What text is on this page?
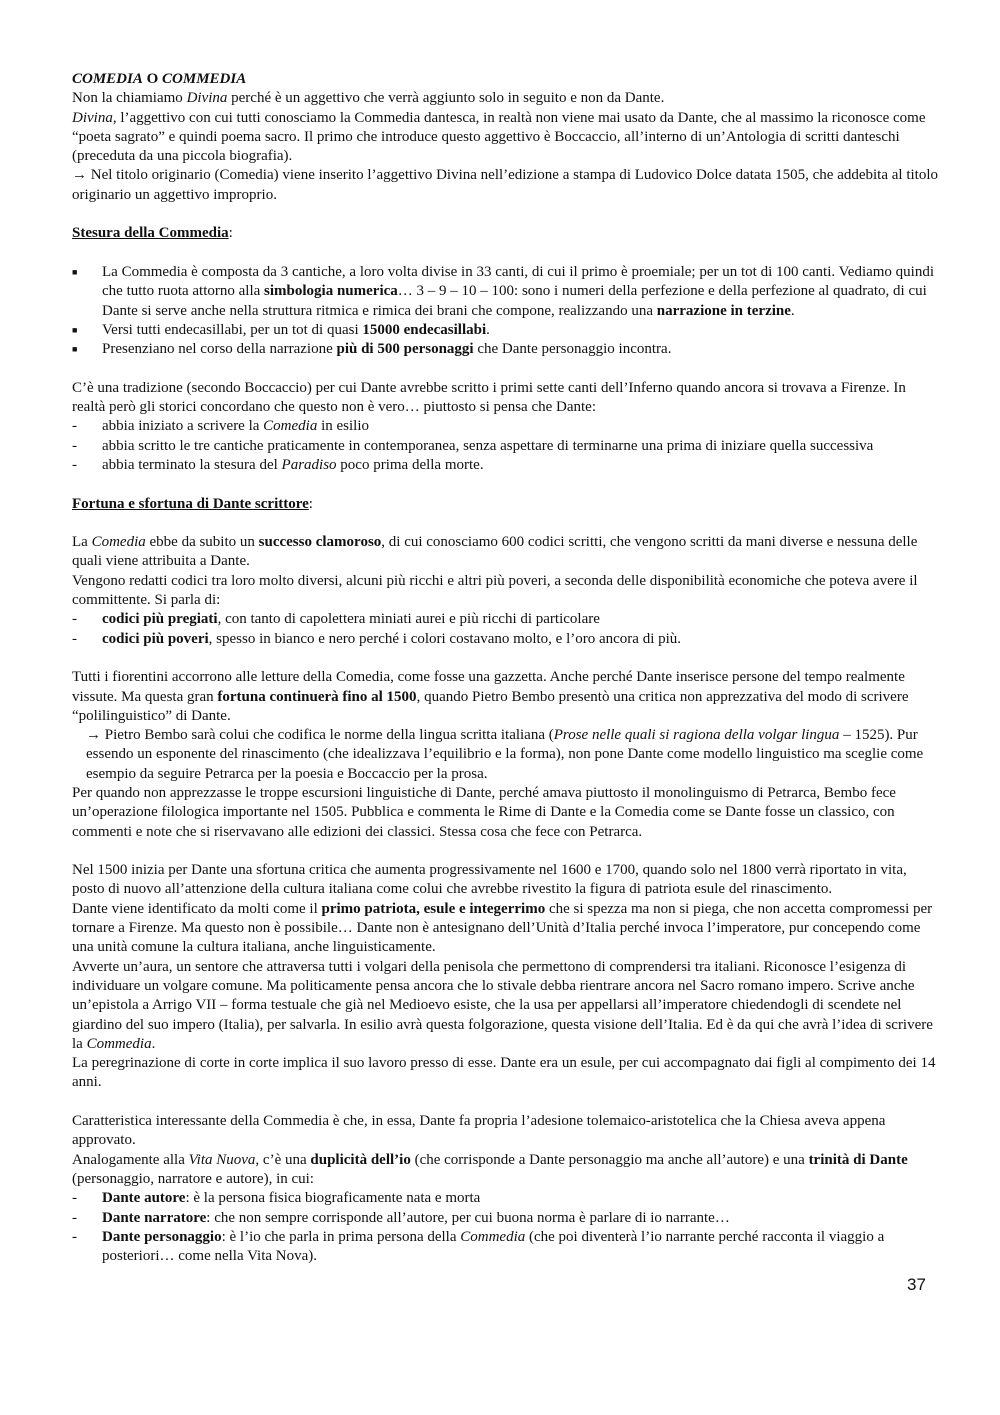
COMEDIA O COMMEDIA

Non la chiamiamo Divina perché è un aggettivo che verrà aggiunto solo in seguito e non da Dante.

Divina, l’aggettivo con cui tutti conosciamo la Commedia dantesca, in realtà non viene mai usato da Dante, che al massimo la riconosce come “poeta sagrato” e quindi poema sacro. Il primo che introduce questo aggettivo è Boccaccio, all’interno di un’Antologia di scritti danteschi (preceduta da una piccola biografia).

→ Nel titolo originario (Comedia) viene inserito l’aggettivo Divina nell’edizione a stampa di Ludovico Dolce datata 1505, che addebita al titolo originario un aggettivo improprio.

Stesura della Commedia:

■	La Commedia è composta da 3 cantiche, a loro volta divise in 33 canti, di cui il primo è proemiale; per un tot di 100 canti. Vediamo quindi che tutto ruota attorno alla simbologia numerica… 3 – 9 – 10 – 100: sono i numeri della perfezione e della perfezione al quadrato, di cui Dante si serve anche nella struttura ritmica e rimica dei brani che compone, realizzando una narrazione in terzine.
■	Versi tutti endecasillabi, per un tot di quasi 15000 endecasillabi.
■	Presenziano nel corso della narrazione più di 500 personaggi che Dante personaggio incontra.

C’è una tradizione (secondo Boccaccio) per cui Dante avrebbe scritto i primi sette canti dell’Inferno quando ancora si trovava a Firenze. In realtà però gli storici concordano che questo non è vero… piuttosto si pensa che Dante:

-	abbia iniziato a scrivere la Comedia in esilio
-	abbia scritto le tre cantiche praticamente in contemporanea, senza aspettare di terminarne una prima di iniziare quella successiva
-	abbia terminato la stesura del Paradiso poco prima della morte.

Fortuna e sfortuna di Dante scrittore:

La Comedia ebbe da subito un successo clamoroso, di cui conosciamo 600 codici scritti, che vengono scritti da mani diverse e nessuna delle quali viene attribuita a Dante.

Vengono redatti codici tra loro molto diversi, alcuni più ricchi e altri più poveri, a seconda delle disponibilità economiche che poteva avere il committente. Si parla di:

-	codici più pregiati, con tanto di capolettera miniati aurei e più ricchi di particolare
-	codici più poveri, spesso in bianco e nero perché i colori costavano molto, e l’oro ancora di più.

Tutti i fiorentini accorrono alle letture della Comedia, come fosse una gazzetta. Anche perché Dante inserisce persone del tempo realmente vissute. Ma questa gran fortuna continuerà fino al 1500, quando Pietro Bembo presentò una critica non apprezzativa del modo di scrivere “polilinguistico” di Dante.

→ Pietro Bembo sarà colui che codifica le norme della lingua scritta italiana (Prose nelle quali si ragiona della volgar lingua – 1525). Pur essendo un esponente del rinascimento (che idealizzava l’equilibrio e la forma), non pone Dante come modello linguistico ma sceglie come esempio da seguire Petrarca per la poesia e Boccaccio per la prosa.

Per quando non apprezzasse le troppe escursioni linguistiche di Dante, perché amava piuttosto il monolinguismo di Petrarca, Bembo fece un’operazione filologica importante nel 1505. Pubblica e commenta le Rime di Dante e la Comedia come se Dante fosse un classico, con commenti e note che si riservavano alle edizioni dei classici. Stessa cosa che fece con Petrarca.

Nel 1500 inizia per Dante una sfortuna critica che aumenta progressivamente nel 1600 e 1700, quando solo nel 1800 verrà riportato in vita, posto di nuovo all’attenzione della cultura italiana come colui che avrebbe rivestito la figura di patriota esule del rinascimento.

Dante viene identificato da molti come il primo patriota, esule e integerrimo che si spezza ma non si piega, che non accetta compromessi per tornare a Firenze. Ma questo non è possibile… Dante non è antesignano dell’Unità d’Italia perché invoca l’imperatore, pur concependo come una unità comune la cultura italiana, anche linguisticamente.

Avverte un’aura, un sentore che attraversa tutti i volgari della penisola che permettono di comprendersi tra italiani. Riconosce l’esigenza di individuare un volgare comune. Ma politicamente pensa ancora che lo stivale debba rientrare ancora nel Sacro romano impero. Scrive anche un’epistola a Arrigo VII – forma testuale che già nel Medioevo esiste, che la usa per appellarsi all’imperatore chiedendogli di scendete nel giardino del suo impero (Italia), per salvarla. In esilio avrà questa folgorazione, questa visione dell’Italia. Ed è da qui che avrà l’idea di scrivere la Commedia.

La peregrinazione di corte in corte implica il suo lavoro presso di esse. Dante era un esule, per cui accompagnato dai figli al compimento dei 14 anni.

Caratteristica interessante della Commedia è che, in essa, Dante fa propria l’adesione tolemaico-aristotelica che la Chiesa aveva appena approvato.

Analogamente alla Vita Nuova, c’è una duplicità dell’io (che corrisponde a Dante personaggio ma anche all’autore) e una trinità di Dante (personaggio, narratore e autore), in cui:

-	Dante autore: è la persona fisica biograficamente nata e morta
-	Dante narratore: che non sempre corrisponde all’autore, per cui buona norma è parlare di io narrante…
-	Dante personaggio: è l’io che parla in prima persona della Commedia (che poi diventerà l’io narrante perché racconta il viaggio a posteriori… come nella Vita Nova).
37
